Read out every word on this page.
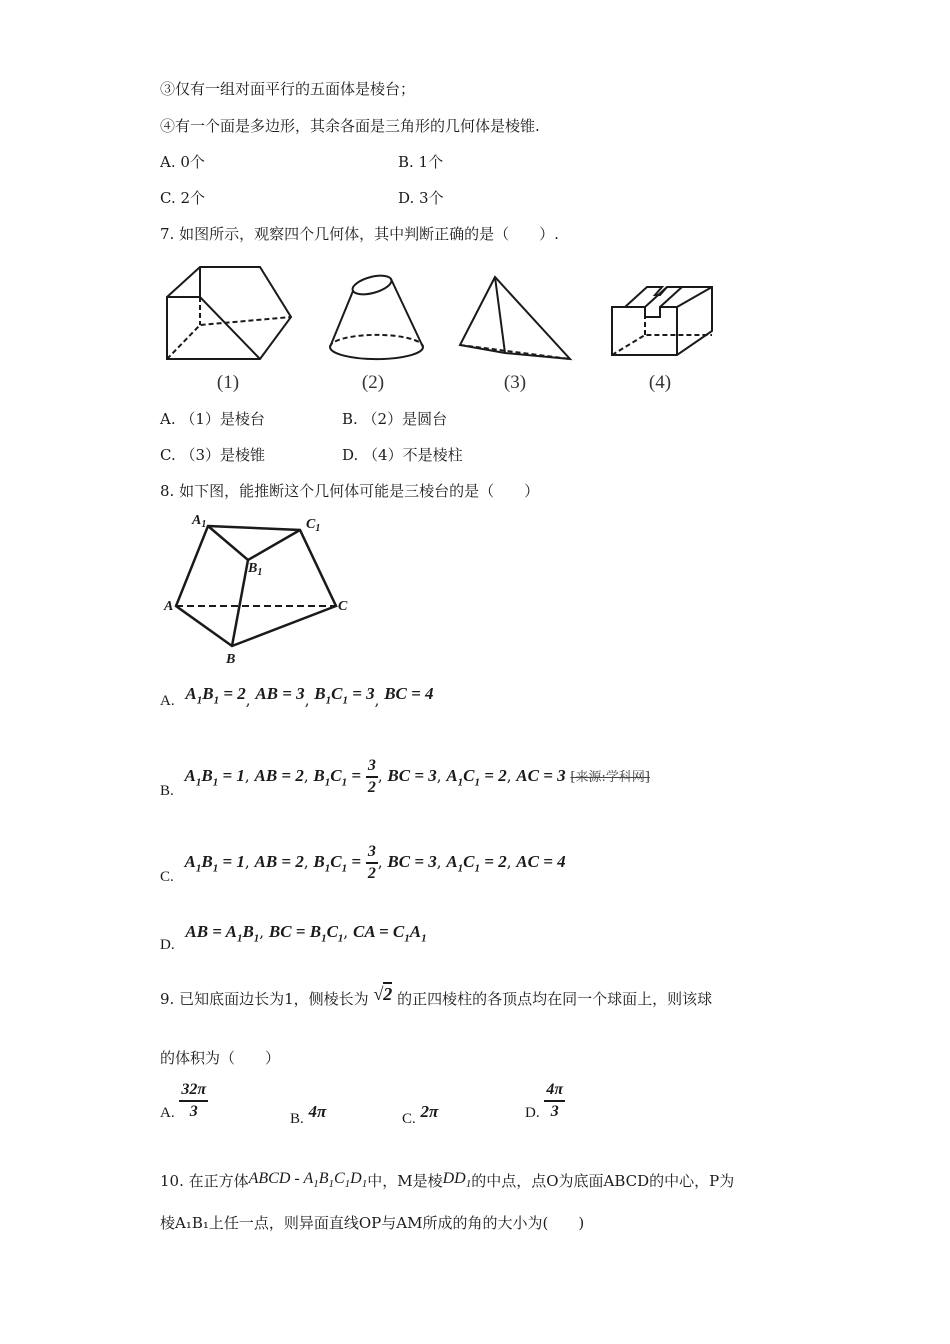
③仅有一组对面平行的五面体是棱台；
④有一个面是多边形，其余各面是三角形的几何体是棱锥.
A. 0个	B. 1个
C. 2个	D. 3个
7. 如图所示，观察四个几何体，其中判断正确的是（　　）.
(1)	(2)	(3)	(4)
A. （1）是棱台	B. （2）是圆台
C. （3）是棱锥	D. （4）不是棱柱
8. 如下图，能推断这个几何体可能是三棱台的是（　　）
$A_1$	$C_1$
$B_1$
A	C
B
A. $A_1B_1 = 2$, AB = 3, $B_1C_1 = 3$, BC = 4
B. $A_1B_1 = 1$, AB = 2, $B_1C_1 = \frac{3}{2}$ , BC = 3, $A_1C_1 = 2$, AC = 3 [来源:学科网]
C. $A_1B_1 = 1$, AB = 2, $B_1C_1 = \frac{3}{2}$ , BC = 3, $A_1C_1 = 2$, AC = 4
D. AB = $A_1B_1$, BC = $B_1C_1$, CA = $C_1A_1$
9. 已知底面边长为1，侧棱长为 √2 的正四棱柱的各顶点均在同一个球面上，则该球
的体积为（　　）
A. $\frac{32\pi}{3}$	B. 4π	C. 2π	D. $\frac{4\pi}{3}$
10. 在正方体ABCD - $A_1B_1C_1D_1$中，M是棱$DD_1$的中点，点O为底面ABCD的中心，P为
棱A₁B₁上任一点，则异面直线OP与AM所成的角的大小为(　　)
